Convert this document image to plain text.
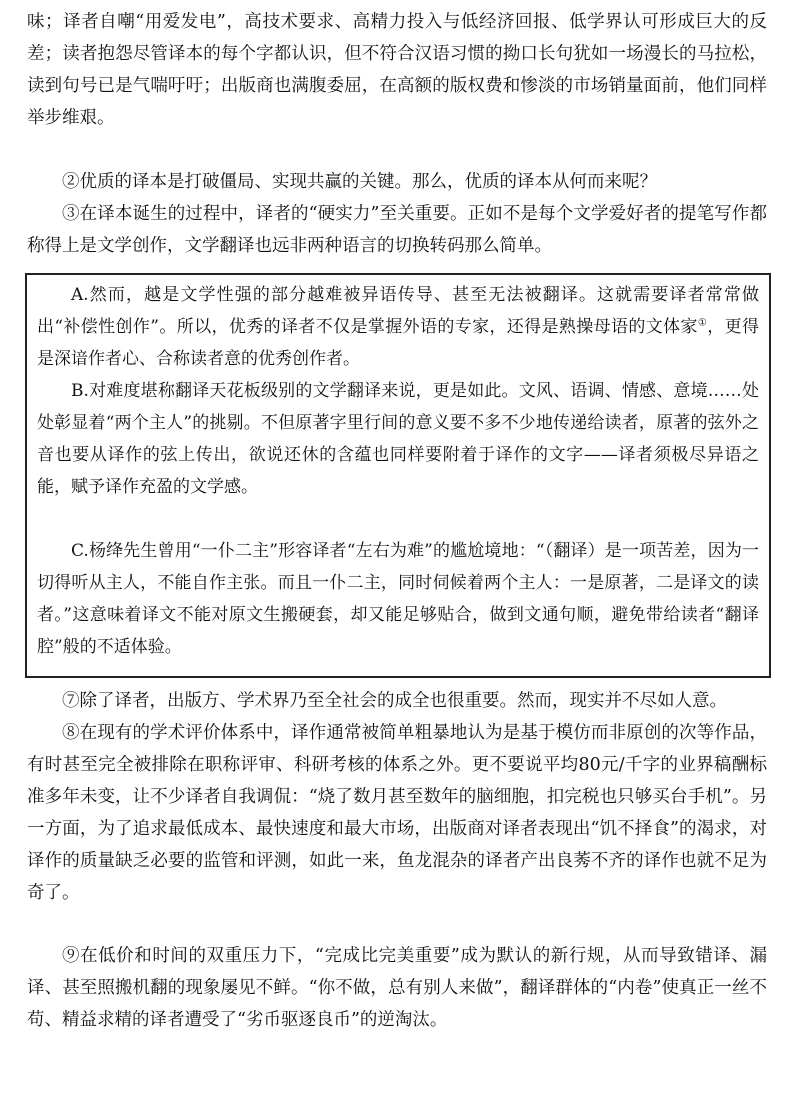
味；译者自嘲“用爱发电”，高技术要求、高精力投入与低经济回报、低学界认可形成巨大的反差；读者抱怨尽管译本的每个字都认识，但不符合汉语习惯的拗口长句犹如一场漫长的马拉松，读到句号已是气喘吁吁；出版商也满腹委屈，在高额的版权费和惨淡的市场销量面前，他们同样举步维艰。

②优质的译本是打破僵局、实现共赢的关键。那么，优质的译本从何而来呢？

③在译本诞生的过程中，译者的“硬实力”至关重要。正如不是每个文学爱好者的提笔写作都称得上是文学创作，文学翻译也远非两种语言的切换转码那么简单。

A.然而，越是文学性强的部分越难被异语传导、甚至无法被翻译。这就需要译者常常做出“补偿性创作”。所以，优秀的译者不仅是掌握外语的专家，还得是熟操母语的文体家①，更得是深谙作者心、合称读者意的优秀创作者。

B.对难度堪称翻译天花板级别的文学翻译来说，更是如此。文风、语调、情感、意境……处处彰显着“两个主人”的挑剔。不但原著字里行间的意义要不多不少地传递给读者，原著的弦外之音也要从译作的弦上传出，欲说还休的含蕴也同样要附着于译作的文字——译者须极尽异语之能，赋予译作充盈的文学感。

C.杨绛先生曾用“一仆二主”形容译者“左右为难”的尴尬境地：“（翻译）是一项苦差，因为一切得听从主人，不能自作主张。而且一仆二主，同时伺候着两个主人：一是原著，二是译文的读者。”这意味着译文不能对原文生搬硬套，却又能足够贴合，做到文通句顺，避免带给读者“翻译腔”般的不适体验。

⑦除了译者，出版方、学术界乃至全社会的成全也很重要。然而，现实并不尽如人意。

⑧在现有的学术评价体系中，译作通常被简单粗暴地认为是基于模仿而非原创的次等作品，有时甚至完全被排除在职称评审、科研考核的体系之外。更不要说平均80元/千字的业界稿酬标准多年未变，让不少译者自我调侃：“烧了数月甚至数年的脑细胞，扣完税也只够买台手机”。另一方面，为了追求最低成本、最快速度和最大市场，出版商对译者表现出“饥不择食”的渴求，对译作的质量缺乏必要的监管和评测，如此一来，鱼龙混杂的译者产出良莠不齐的译作也就不足为奇了。

⑨在低价和时间的双重压力下，“完成比完美重要”成为默认的新行规，从而导致错译、漏译、甚至照搬机翻的现象屡见不鲜。“你不做，总有别人来做”，翻译群体的“内卷”使真正一丝不苟、精益求精的译者遭受了“劣币驱逐良币”的逆淘汰。
